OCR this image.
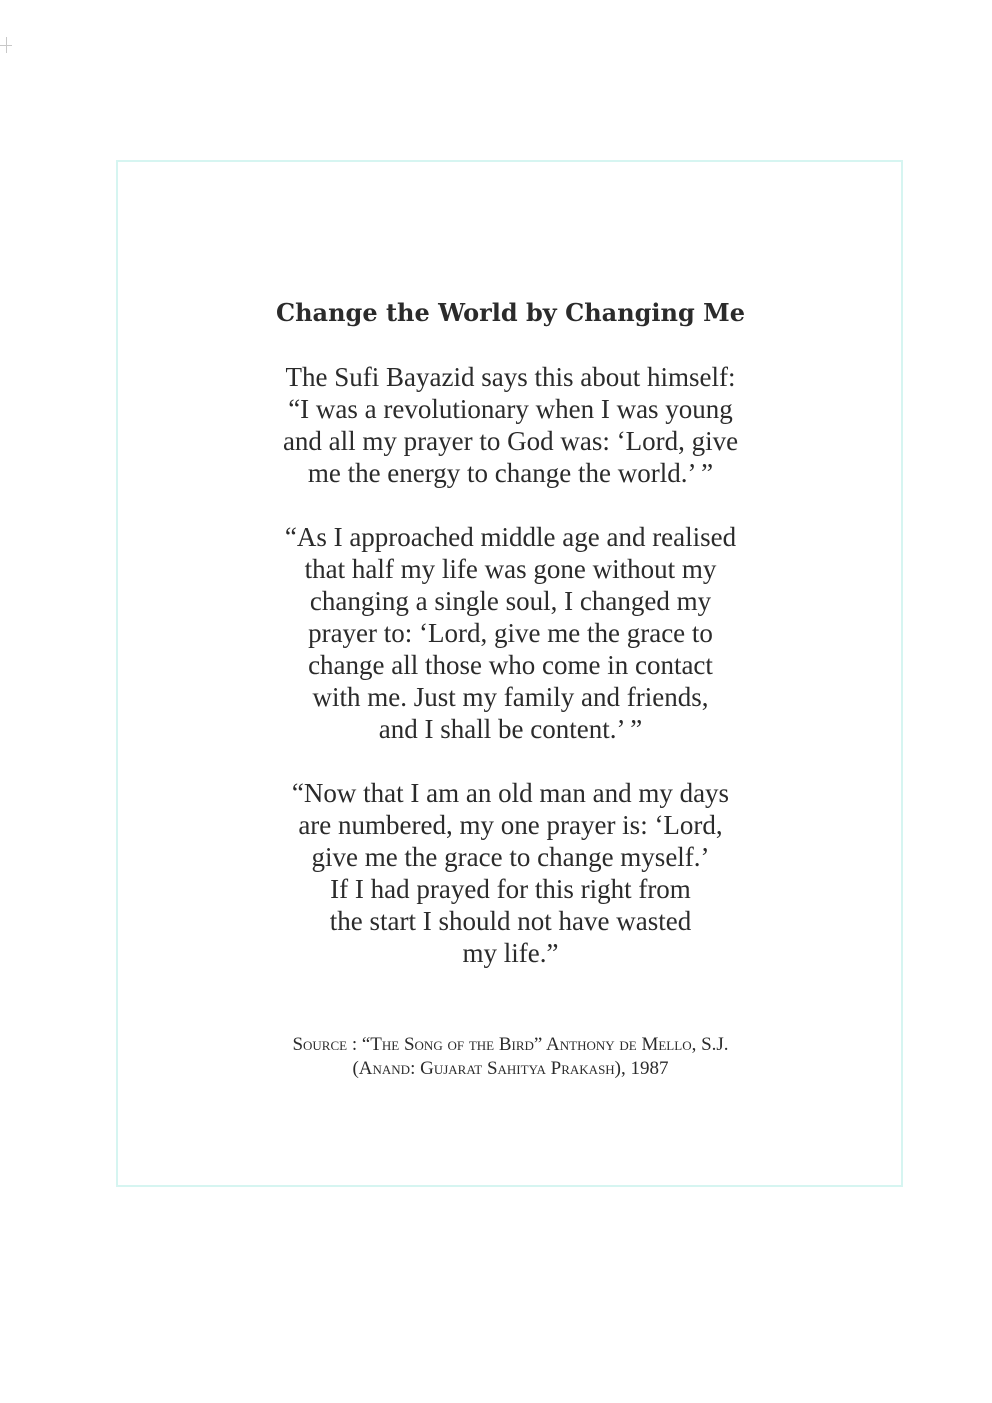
Change the World by Changing Me
The Sufi Bayazid says this about himself:
“I was a revolutionary when I was young
and all my prayer to God was: ‘Lord, give
me the energy to change the world.’ ”
“As I approached middle age and realised
that half my life was gone without my
changing a single soul, I changed my
prayer to: ‘Lord, give me the grace to
change all those who come in contact
with me. Just my family and friends,
and I shall be content.’ ”
“Now that I am an old man and my days
are numbered, my one prayer is: ‘Lord,
give me the grace to change myself.’
If I had prayed for this right from
the start I should not have wasted
my life.”
Source : “The Song of the Bird” Anthony de Mello, S.J.
(Anand: Gujarat Sahitya Prakash), 1987
